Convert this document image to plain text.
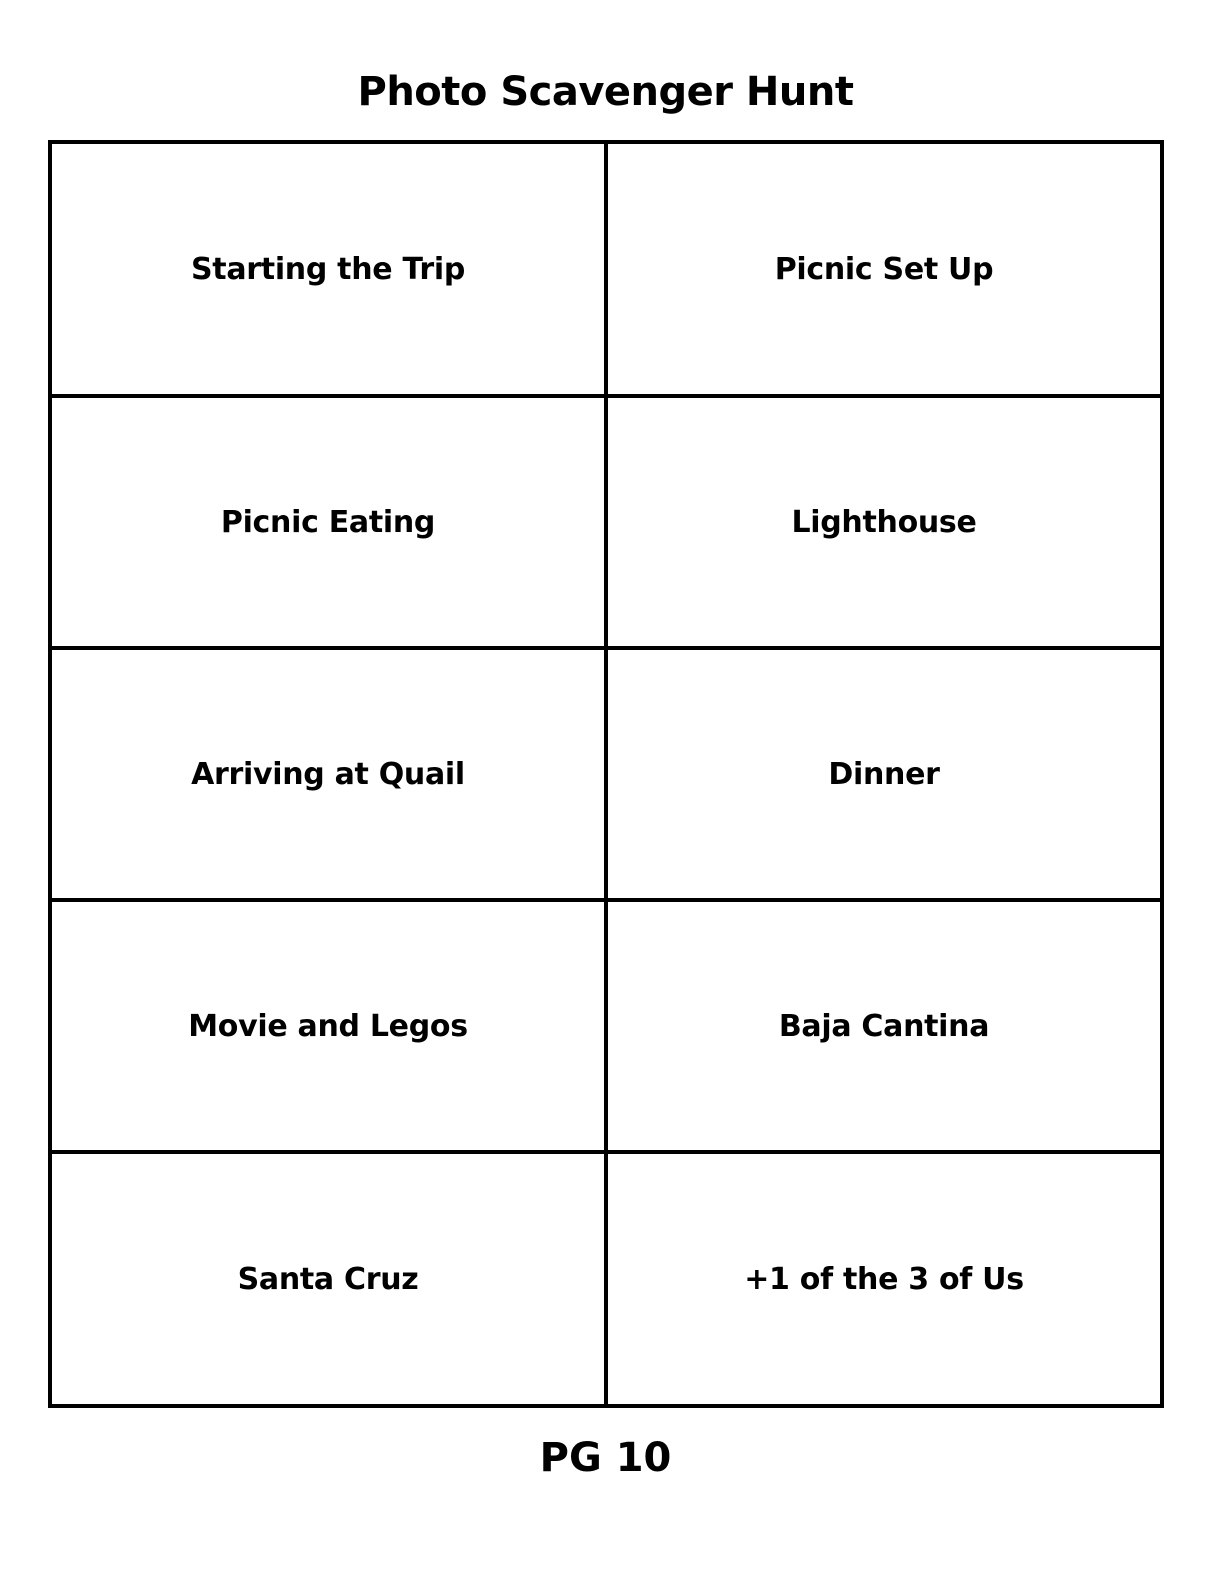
Photo Scavenger Hunt
Starting the Trip	Picnic Set Up
Picnic Eating	Lighthouse
Arriving at Quail	Dinner
Movie and Legos	Baja Cantina
Santa Cruz	+1 of the 3 of Us
PG 10
